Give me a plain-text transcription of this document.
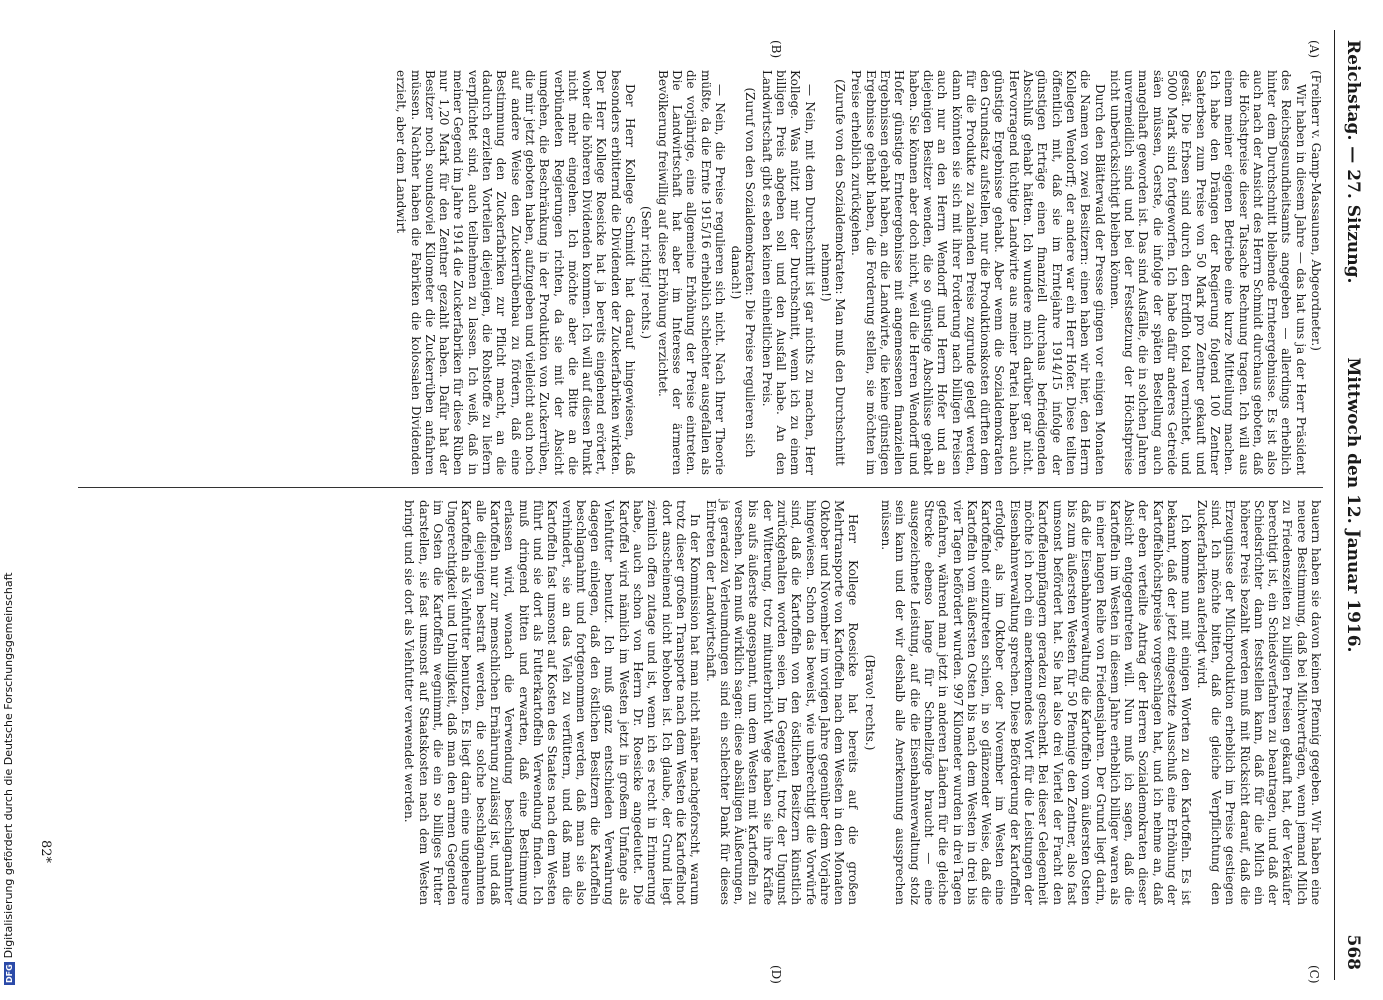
Reichstag. — 27. Sitzung.
Mittwoch den 12. Januar 1916.
568
(A)
(B)
(C)
(D)

(Freiherr v. Gamp-Massaunen, Abgeordneter.)

Wir haben in diesem Jahre — das hat uns ja der Herr Präsident des Reichsgesundheitsamts angegeben — allerdings erheblich hinter dem Durchschnitt bleibende Ernteergebnisse. Es ist also auch nach der Ansicht des Herrn Schmidt durchaus geboten, daß die Höchstpreise dieser Tatsache Rechnung tragen. Ich will aus einem meiner eigenen Betriebe eine kurze Mitteilung machen. Ich habe den Drängen der Regierung folgend 100 Zentner Saaterbsen zum Preise von 50 Mark pro Zentner gekauft und gesät. Die Erbsen sind durch den Erdfloh total vernichtet, und 5000 Mark sind fortgeworfen. Ich habe dafür anderes Getreide säen müssen, Gerste, die infolge der späten Bestellung auch mangelhaft geworden ist. Das sind Ausfälle, die in solchen Jahren unvermeidlich sind und bei der Festsetzung der Höchstpreise nicht unberücksichtigt bleiben können.

Durch den Blätterwald der Presse gingen vor einigen Monaten die Namen von zwei Besitzern: einen haben wir hier, den Herrn Kollegen Wendorff; der andere war ein Herr Hofer. Diese teilten öffentlich mit, daß sie im Erntejahre 1914/15 infolge der günstigen Erträge einen finanziell durchaus befriedigenden Abschluß gehabt hätten. Ich wundere mich darüber gar nicht. Hervorragend tüchtige Landwirte aus meiner Partei haben auch günstige Ergebnisse gehabt. Aber wenn die Sozialdemokraten den Grundsatz aufstellen, nur die Produktionskosten dürften dem für die Produkte zu zahlenden Preise zugrunde gelegt werden, dann könnten sie sich mit ihrer Forderung nach billigen Preisen auch nur an den Herrn Wendorff und Herrn Hofer und an diejenigen Besitzer wenden, die so günstige Abschlüsse gehabt haben. Sie können aber doch nicht, weil die Herren Wendorff und Hofer günstige Ernteergebnisse mit angemessenen finanziellen Ergebnissen gehabt haben, an die Landwirte, die keine günstigen Ergebnisse gehabt haben, die Forderung stellen, sie möchten im Preise erheblich zurückgehen.

(Zurufe von den Sozialdemokraten: Man muß den Durchschnitt nehmen!)

— Nein, mit dem Durchschnitt ist gar nichts zu machen, Herr Kollege. Was nützt mir der Durchschnitt, wenn ich zu einem billigen Preis abgeben soll und den Ausfall habe. An den Landwirtschaft gibt es eben keinen einheitlichen Preis.

(Zuruf von den Sozialdemokraten: Die Preise regulieren sich danach!)

— Nein, die Preise regulieren sich nicht. Nach Ihrer Theorie müßte, da die Ernte 1915/16 erheblich schlechter ausgefallen als die vorjährige, eine allgemeine Erhöhung der Preise eintreten. Die Landwirtschaft hat aber im Interesse der ärmeren Bevölkerung freiwillig auf diese Erhöhung verzichtet.

(Sehr richtig! rechts.)

Der Herr Kollege Schmidt hat darauf hingewiesen, daß besonders erbitternd die Dividenden der Zuckerfabriken wirkten. Der Herr Kollege Roesicke hat ja bereits eingehend erörtert, woher die höheren Dividenden kommen. Ich will auf diesen Punkt nicht mehr eingehen. Ich möchte aber die Bitte an die verbündeten Regierungen richten, da sie mit der Absicht umgehen, die Beschränkung in der Produktion von Zuckerrüben, die mir jetzt geboten haben, aufzugeben und vielleicht auch noch auf andere Weise den Zuckerrübenbau zu fördern, daß eine Bestimmung den Zuckerfabriken zur Pflicht macht, an die dadurch erzielten Vorteilen diejenigen, die Rohstoffe zu liefern verpflichtet sind, auch teilnehmen zu lassen. Ich weiß, daß in meiner Gegend im Jahre 1914 die Zuckerfabriken für diese Rüben nur 1,20 Mark für den Zentner gezahlt haben. Dafür hat der Besitzer noch soundsoviel Kilometer die Zuckerrüben anfahren müssen. Nachher haben die Fabriken die kolossalen Dividenden erzielt, aber dem Landwirt

bauern haben sie davon keinen Pfennig gegeben. Wir haben eine neuere Bestimmung, daß bei Milchverträgen, wenn jemand Milch zu Friedenszeiten zu billigen Preisen gekauft hat, der Verkäufer berechtigt ist, ein Schiedsverfahren zu beantragen, und daß der Schiedsrichter dann feststellen kann, daß für die Milch ein höherer Preis bezahlt werden muß mit Rücksicht darauf, daß die Erzeugnisse der Milchproduktion erheblich im Preise gestiegen sind. Ich möchte bitten, daß die gleiche Verpflichtung den Zuckerfabriken auferlegt wird.

Ich komme nun mit einigen Worten zu den Kartoffeln. Es ist bekannt, daß der jetzt eingesetzte Ausschuß eine Erhöhung der Kartoffelhöchstpreise vorgeschlagen hat, und ich nehme an, daß der eben verteilte Antrag der Herren Sozialdemokraten dieser Absicht entgegentreten will. Nun muß ich sagen, daß die Kartoffeln im Westen in diesem Jahre erheblich billiger waren als in einer langen Reihe von Friedensjahren. Der Grund liegt darin, daß die Eisenbahnverwaltung die Kartoffeln vom äußersten Osten bis zum äußersten Westen für 50 Pfennige den Zentner, also fast umsonst befördert hat. Sie hat also drei Viertel der Fracht den Kartoffelempfängern geradezu geschenkt. Bei dieser Gelegenheit möchte ich noch ein anerkennendes Wort für die Leistungen der Eisenbahnverwaltung sprechen. Diese Beförderung der Kartoffeln erfolgte, als im Oktober oder November im Westen eine Kartoffelnot einzutreten schien, in so glänzender Weise, daß die Kartoffeln vom äußersten Osten bis nach dem Westen in drei bis vier Tagen befördert wurden. 997 Kilometer wurden in drei Tagen gefahren, während man jetzt in anderen Ländern für die gleiche Strecke ebenso lange für Schnellzüge braucht — eine ausgezeichnete Leistung, auf die die Eisenbahnverwaltung stolz sein kann und der wir deshalb alle Anerkennung aussprechen müssen.

(Bravo! rechts.)

Herr Kollege Roesicke hat bereits auf die großen Mehrtransporte von Kartoffeln nach dem Westen in den Monaten Oktober und November im vorigen Jahre gegenüber dem Vorjahre hingewiesen. Schon das beweist, wie unberechtigt die Vorwürfe sind, daß die Kartoffeln von den östlichen Besitzern künstlich zurückgehalten worden seien. Im Gegenteil, trotz der Ungunst der Witterung, trotz mitunterbricht Wege haben sie ihre Kräfte bis aufs äußerste angespannt, um dem Westen mit Kartoffeln zu versehen. Man muß wirklich sagen: diese absälligen Äußerungen, ja geradezu Verleumdungen sind ein schlechter Dank für dieses Eintreten der Landwirtschaft.

In der Kommission hat man nicht näher nachgeforscht, warum trotz dieser großen Transporte nach dem Westen die Kartoffelnot dort anscheinend nicht behoben ist. Ich glaube, der Grund liegt ziemlich offen zutage und ist, wenn ich es recht in Erinnerung habe, auch schon von Herrn Dr. Roesicke angedeutet. Die Kartoffel wird nämlich im Westen jetzt in großem Umfange als Viehfutter benutzt. Ich muß ganz entschieden Verwahrung dagegen einlegen, daß den östlichen Besitzern die Kartoffeln beschlagnahmt und fortgenommen werden, daß man sie also verhindert, sie an das Vieh zu verfüttern, und daß man die Kartoffeln fast umsonst auf Kosten des Staates nach dem Westen führt und sie dort als Futterkartoffeln Verwendung finden. Ich muß dringend bitten und erwarten, daß eine Bestimmung erlassen wird, wonach die Verwendung beschlagnahmter Kartoffeln nur zur menschlichen Ernährung zulässig ist, und daß alle diejenigen bestraft werden, die solche beschlagnahmten Kartoffeln als Viehfutter benutzen. Es liegt darin eine ungeheure Ungerechtigkeit und Unbilligkeit, daß man den armen Gegenden im Osten die Kartoffeln wegnimmt, die ein so billiges Futter darstellen, sie fast umsonst auf Staatskosten nach dem Westen bringt und sie dort als Viehfutter verwendet werden.

82*
DFGDigitalisierung gefördert durch die Deutsche Forschungsgemeinschaft
